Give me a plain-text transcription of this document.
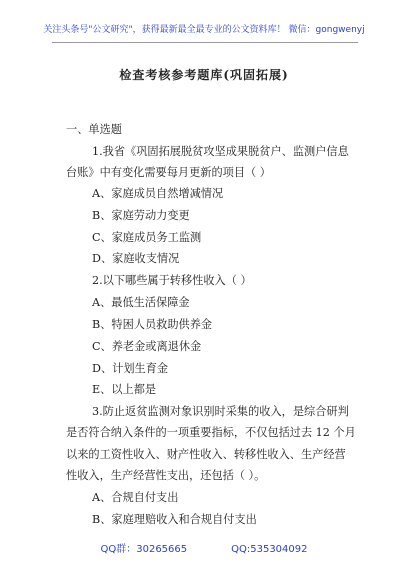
关注头条号"公文研究"，获得最新最全最专业的公文资料库！ 微信：gongwenyj
检查考核参考题库(巩固拓展)
一、单选题
1.我省《巩固拓展脱贫攻坚成果脱贫户、监测户信息
台账》中有变化需要每月更新的项目（ ）
A、家庭成员自然增减情况
B、家庭劳动力变更
C、家庭成员务工监测
D、家庭收支情况
2.以下哪些属于转移性收入（ ）
A、最低生活保障金
B、特困人员救助供养金
C、养老金或离退休金
D、计划生育金
E、以上都是
3.防止返贫监测对象识别时采集的收入，是综合研判
是否符合纳入条件的一项重要指标，不仅包括过去 12 个月
以来的工资性收入、财产性收入、转移性收入、生产经营
性收入，生产经营性支出，还包括（ ）。
A、合规自付支出
B、家庭理赔收入和合规自付支出
QQ群：30265665	QQ:535304092
